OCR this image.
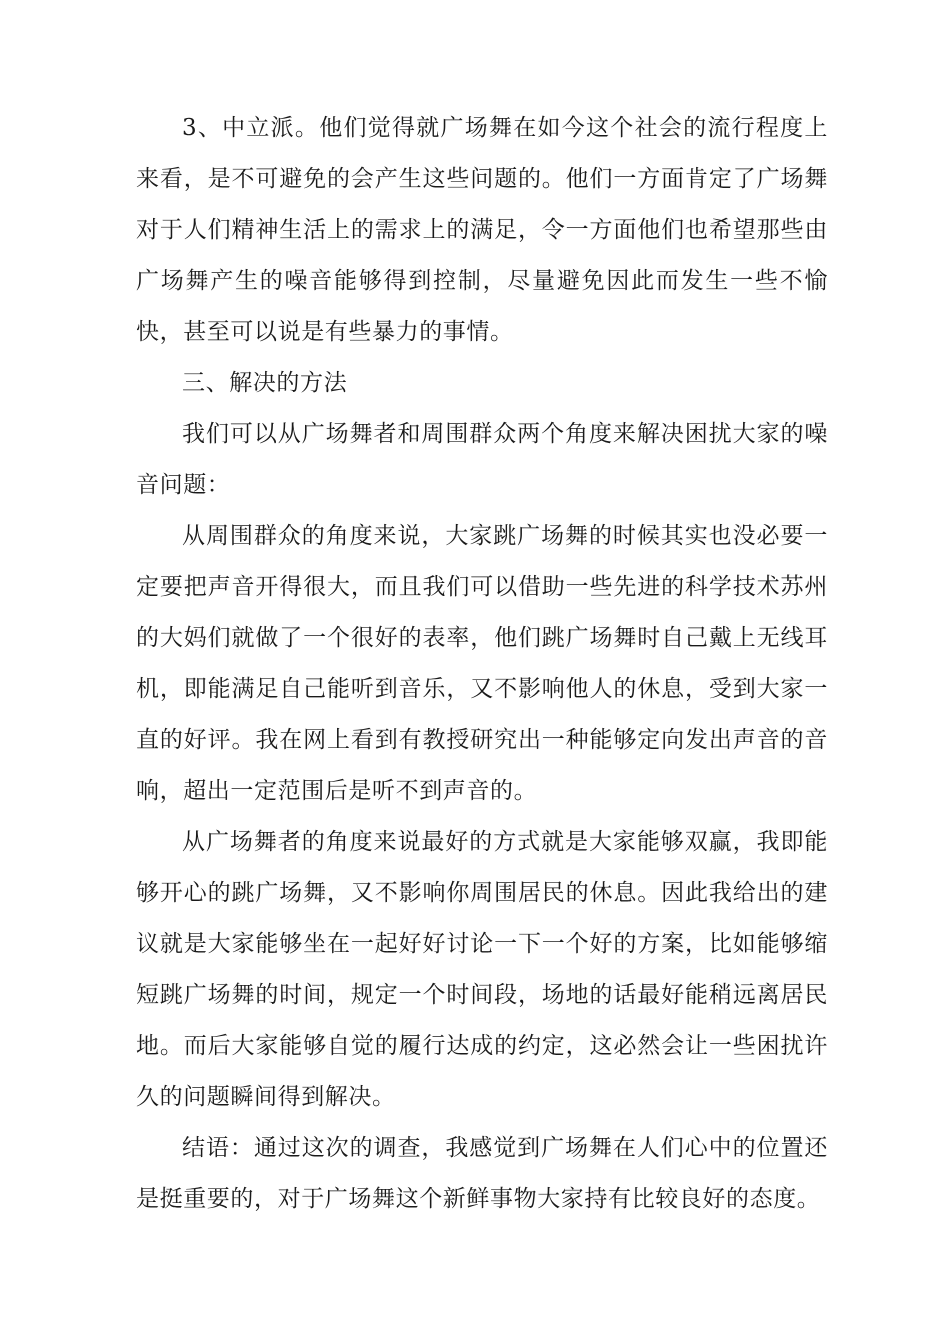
3、中立派。他们觉得就广场舞在如今这个社会的流行程度上来看，是不可避免的会产生这些问题的。他们一方面肯定了广场舞对于人们精神生活上的需求上的满足，令一方面他们也希望那些由广场舞产生的噪音能够得到控制，尽量避免因此而发生一些不愉快，甚至可以说是有些暴力的事情。

三、解决的方法

我们可以从广场舞者和周围群众两个角度来解决困扰大家的噪音问题：

从周围群众的角度来说，大家跳广场舞的时候其实也没必要一定要把声音开得很大，而且我们可以借助一些先进的科学技术苏州的大妈们就做了一个很好的表率，他们跳广场舞时自己戴上无线耳机，即能满足自己能听到音乐，又不影响他人的休息，受到大家一直的好评。我在网上看到有教授研究出一种能够定向发出声音的音响，超出一定范围后是听不到声音的。

从广场舞者的角度来说最好的方式就是大家能够双赢，我即能够开心的跳广场舞，又不影响你周围居民的休息。因此我给出的建议就是大家能够坐在一起好好讨论一下一个好的方案，比如能够缩短跳广场舞的时间，规定一个时间段，场地的话最好能稍远离居民地。而后大家能够自觉的履行达成的约定，这必然会让一些困扰许久的问题瞬间得到解决。

结语：通过这次的调查，我感觉到广场舞在人们心中的位置还是挺重要的，对于广场舞这个新鲜事物大家持有比较良好的态度。
